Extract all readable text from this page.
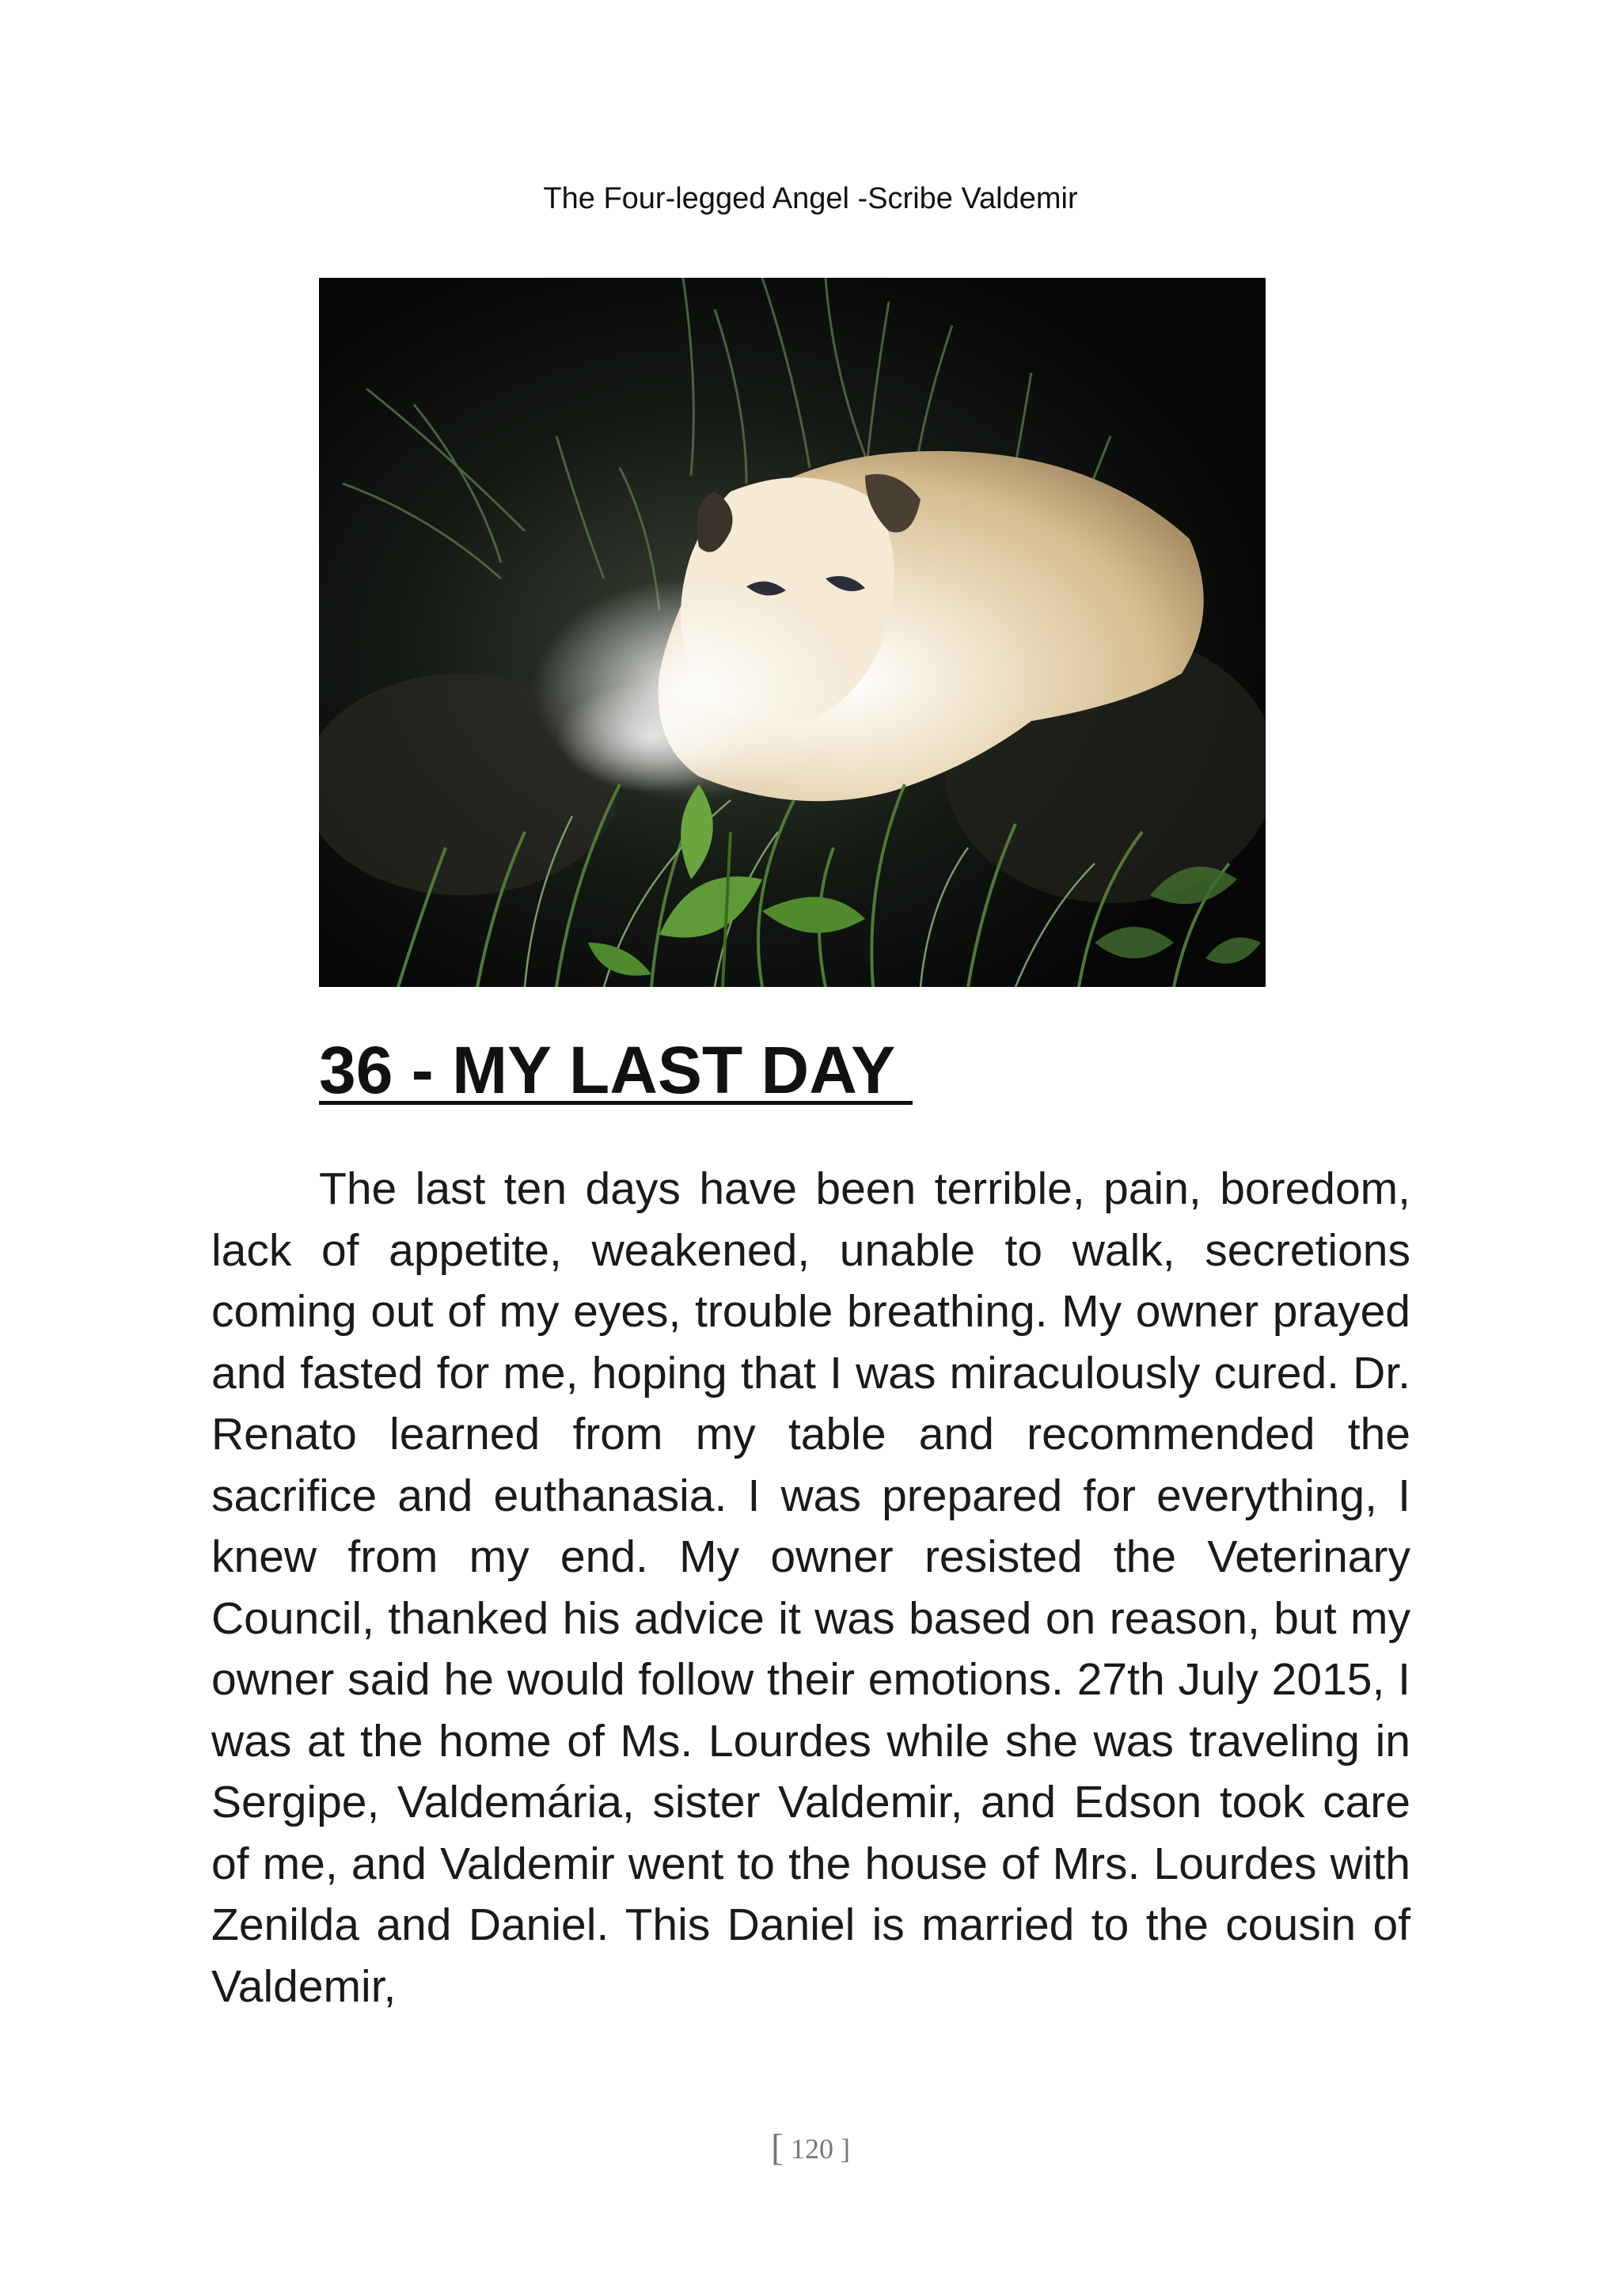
The Four-legged Angel -Scribe Valdemir
36 - MY LAST DAY

The last ten days have been terrible, pain, boredom, lack of appetite, weakened, unable to walk, secretions coming out of my eyes, trouble breathing. My owner prayed and fasted for me, hoping that I was miraculously cured. Dr. Renato learned from my table and recommended the sacrifice and euthanasia. I was prepared for everything, I knew from my end. My owner resisted the Veterinary Council, thanked his advice it was based on reason, but my owner said he would follow their emotions. 27th July 2015, I was at the home of Ms. Lourdes while she was traveling in Sergipe, Valdemária, sister Valdemir, and Edson took care of me, and Valdemir went to the house of Mrs. Lourdes with Zenilda and Daniel. This Daniel is married to the cousin of Valdemir,

[ 120 ]
